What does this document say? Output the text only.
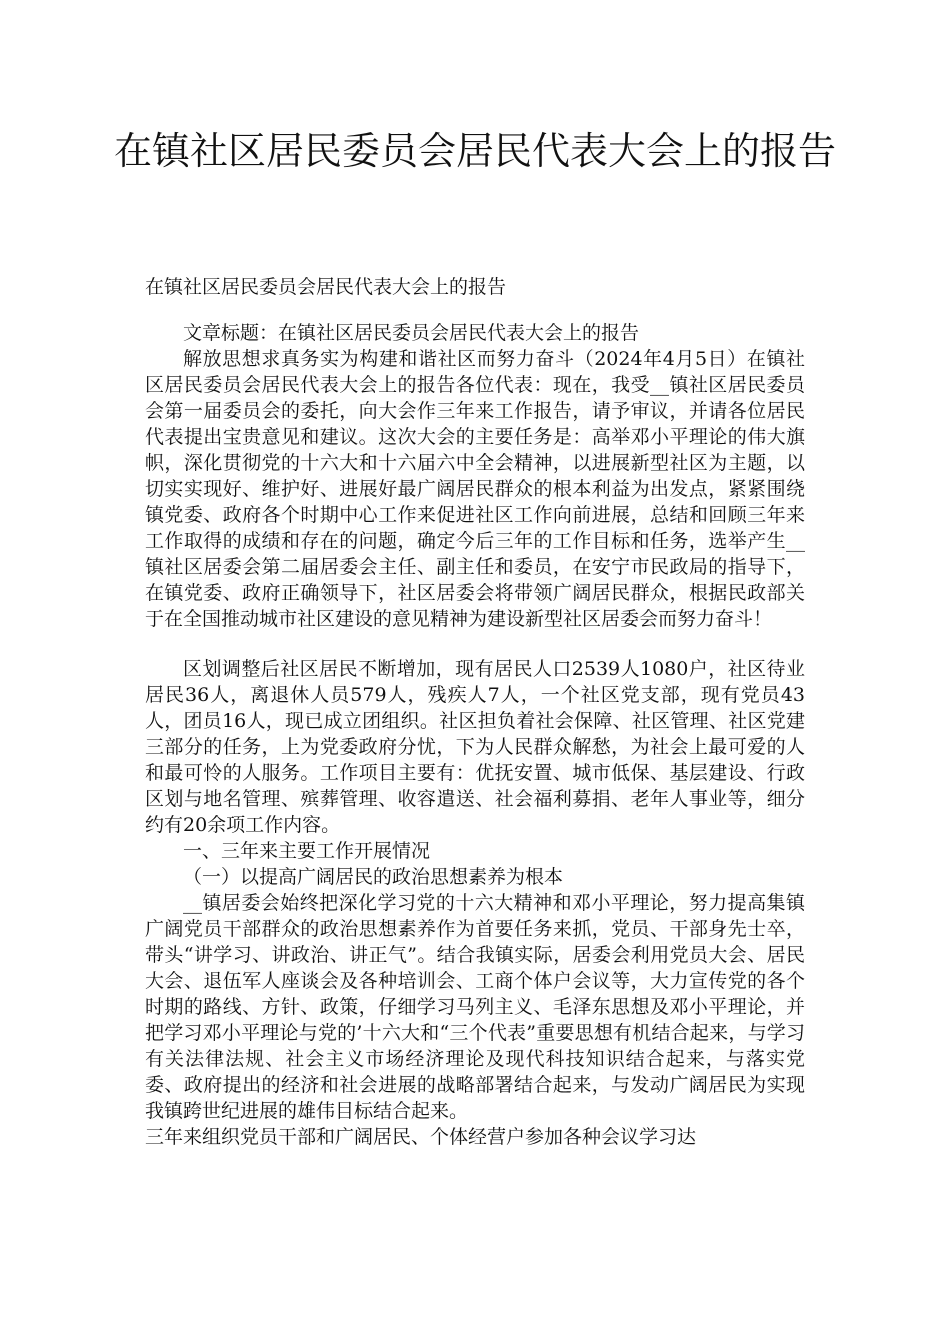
在镇社区居民委员会居民代表大会上的报告

在镇社区居民委员会居民代表大会上的报告

文章标题：在镇社区居民委员会居民代表大会上的报告

解放思想求真务实为构建和谐社区而努力奋斗（2024年4月5日）在镇社区居民委员会居民代表大会上的报告各位代表：现在，我受__镇社区居民委员会第一届委员会的委托，向大会作三年来工作报告，请予审议，并请各位居民代表提出宝贵意见和建议。这次大会的主要任务是：高举邓小平理论的伟大旗帜，深化贯彻党的十六大和十六届六中全会精神，以进展新型社区为主题，以切实实现好、维护好、进展好最广阔居民群众的根本利益为出发点，紧紧围绕镇党委、政府各个时期中心工作来促进社区工作向前进展，总结和回顾三年来工作取得的成绩和存在的问题，确定今后三年的工作目标和任务，选举产生__镇社区居委会第二届居委会主任、副主任和委员，在安宁市民政局的指导下，在镇党委、政府正确领导下，社区居委会将带领广阔居民群众，根据民政部关于在全国推动城市社区建设的意见精神为建设新型社区居委会而努力奋斗！

区划调整后社区居民不断增加，现有居民人口2539人1080户，社区待业居民36人，离退休人员579人，残疾人7人，一个社区党支部，现有党员43人，团员16人，现已成立团组织。社区担负着社会保障、社区管理、社区党建三部分的任务，上为党委政府分忧，下为人民群众解愁，为社会上最可爱的人和最可怜的人服务。工作项目主要有：优抚安置、城市低保、基层建设、行政区划与地名管理、殡葬管理、收容遣送、社会福利募捐、老年人事业等，细分约有20余项工作内容。

一、三年来主要工作开展情况

（一）以提高广阔居民的政治思想素养为根本

__镇居委会始终把深化学习党的十六大精神和邓小平理论，努力提高集镇广阔党员干部群众的政治思想素养作为首要任务来抓，党员、干部身先士卒，带头“讲学习、讲政治、讲正气”。结合我镇实际，居委会利用党员大会、居民大会、退伍军人座谈会及各种培训会、工商个体户会议等，大力宣传党的各个时期的路线、方针、政策，仔细学习马列主义、毛泽东思想及邓小平理论，并把学习邓小平理论与党的’十六大和“三个代表”重要思想有机结合起来，与学习有关法律法规、社会主义市场经济理论及现代科技知识结合起来，与落实党委、政府提出的经济和社会进展的战略部署结合起来，与发动广阔居民为实现我镇跨世纪进展的雄伟目标结合起来。

三年来组织党员干部和广阔居民、个体经营户参加各种会议学习达
